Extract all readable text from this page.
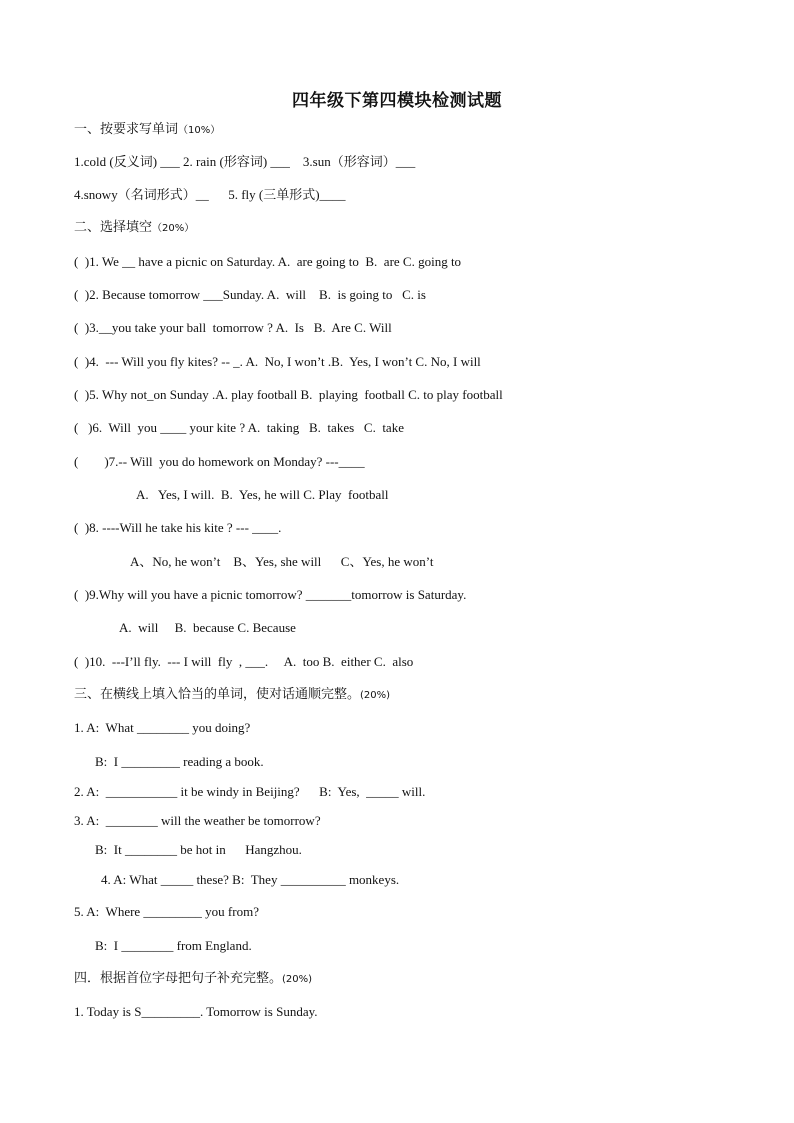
四年级下第四模块检测试题
一、按要求写单词（10%）
1.cold (反义词) ___ 2. rain (形容词) ___    3.sun（形容词）___
4.snowy（名词形式）__      5. fly (三单形式)____
二、选择填空（20%）
(  )1. We __ have a picnic on Saturday. A.  are going to  B.  are C. going to
(  )2. Because tomorrow ___Sunday. A.  will    B.  is going to   C. is
(  )3.__you take your ball  tomorrow ? A.  Is   B.  Are C. Will
(  )4.  --- Will you fly kites? -- _. A.  No, I won’t .B.  Yes, I won’t C. No, I will
(  )5. Why not_on Sunday .A. play football B.  playing  football C. to play football
(   )6.  Will  you ____ your kite ? A.  taking   B.  takes   C.  take
(        )7.-- Will  you do homework on Monday? ---____
A.   Yes, I will.  B.  Yes, he will C. Play  football
(  )8. ----Will he take his kite ? --- ____.
A、No, he won’t    B、Yes, she will      C、Yes, he won’t
(  )9.Why will you have a picnic tomorrow? _______tomorrow is Saturday.
A.  will     B.  because C. Because
(  )10.  ---I’ll fly.  --- I will  fly  , ___.     A.  too B.  either C.  also
三、在横线上填入恰当的单词，使对话通顺完整。(20%)
1. A:  What ________ you doing?
B:  I _________ reading a book.
2. A:  ___________ it be windy in Beijing?      B:  Yes,  _____ will.
3. A:  ________ will the weather be tomorrow?
B:  It ________ be hot in      Hangzhou.
4. A: What _____ these? B:  They __________ monkeys.
5. A:  Where _________ you from?
B:  I ________ from England.
四．根据首位字母把句子补充完整。(20%)
1. Today is S_________. Tomorrow is Sunday.
